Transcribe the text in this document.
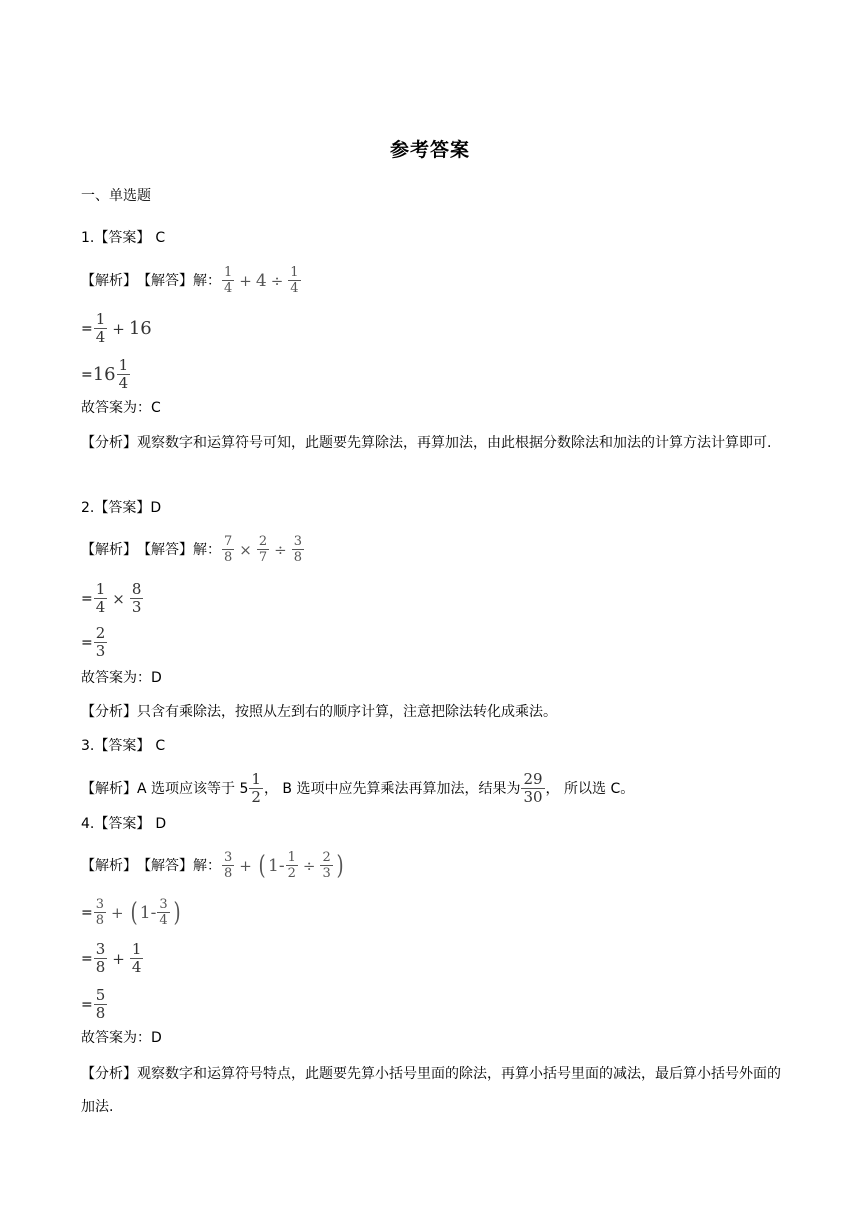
参考答案
一、单选题
1. 【答案】 C
【解析】 【解答】解： $\frac{1}{4} + 4 \div \frac{1}{4}$
= $\frac{1}{4} + 16$
= $16 \frac{1}{4}$
故答案为： C
【分析】观察数字和运算符号可知，此题要先算除法，再算加法，由此根据分数除法和加法的计算方法计算即可.
2. 【答案】 D
【解析】 【解答】解： $\frac{7}{8} \times \frac{2}{7} \div \frac{3}{8}$
= $\frac{1}{4} \times \frac{8}{3}$
= $\frac{2}{3}$
故答案为： D
【分析】 只含有乘除法，按照从左到右的顺序计算，注意把除法转化成乘法。
3. 【答案】 C
【解析】 A 选项应该等于 $5 \frac{1}{2}$ ， B 选项中应先算乘法再算加法，结果为 $\frac{29}{30}$ ， 所以选 C。
4. 【答案】 D
【解析】 【解答】解： $\frac{3}{8}$ + ( $1- \frac{1}{2} \div \frac{2}{3}$ )
= $\frac{3}{8}$ + ( $1- \frac{3}{4}$ )
= $\frac{3}{8} + \frac{1}{4}$
= $\frac{5}{8}$
故答案为： D
【分析】观察数字和运算符号特点，此题要先算小括号里面的除法，再算小括号里面的减法，最后算小括号外面的加法.
